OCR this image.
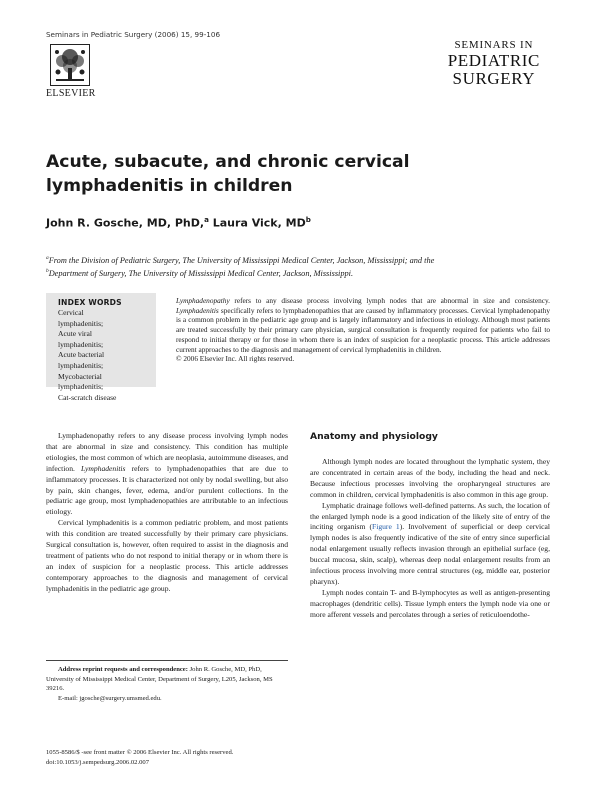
Seminars in Pediatric Surgery (2006) 15, 99-106
ELSEVIER
SEMINARS IN
PEDIATRIC
SURGERY
Acute, subacute, and chronic cervical lymphadenitis in children
John R. Gosche, MD, PhD,$^a$ Laura Vick, $MD^b$
$^a$From the Division of Pediatric Surgery, The University of Mississippi Medical Center, Jackson, Mississippi; and the
$^b$Department of Surgery, The University of Mississippi Medical Center, Jackson, Mississippi.
INDEX WORDS
Cervical
lymphadenitis;
Acute viral
lymphadenitis;
Acute bacterial
lymphadenitis;
Mycobacterial
lymphadenitis;
Cat-scratch disease
Lymphadenopathy refers to any disease process involving lymph nodes that are abnormal in size and consistency. Lymphadenitis specifically refers to lymphadenopathies that are caused by inflammatory processes. Cervical lymphadenopathy is a common problem in the pediatric age group and is largely inflammatory and infectious in etiology. Although most patients are treated successfully by their primary care physician, surgical consultation is frequently required for patients who fail to respond to initial therapy or for those in whom there is an index of suspicion for a neoplastic process. This article addresses current approaches to the diagnosis and management of cervical lymphadenitis in children.
© 2006 Elsevier Inc. All rights reserved.

Lymphadenopathy refers to any disease process involving lymph nodes that are abnormal in size and consistency. This condition has multiple etiologies, the most common of which are neoplasia, autoimmune diseases, and infection. Lymphadenitis refers to lymphadenopathies that are due to inflammatory processes. It is characterized not only by nodal swelling, but also by pain, skin changes, fever, edema, and/or purulent collections. In the pediatric age group, most lymphadenopathies are attributable to an infectious etiology.

Cervical lymphadenitis is a common pediatric problem, and most patients with this condition are treated successfully by their primary care physicians. Surgical consultation is, however, often required to assist in the diagnosis and treatment of patients who do not respond to initial therapy or in whom there is an index of suspicion for a neoplastic process. This article addresses contemporary approaches to the diagnosis and management of cervical lymphadenitis in the pediatric age group.

Address reprint requests and correspondence: John R. Gosche, MD, PhD, University of Mississippi Medical Center, Department of Surgery, L205, Jackson, MS 39216.

E-mail: jgosche@surgery.umsmed.edu.

1055-8586/$ -see front matter © 2006 Elsevier Inc. All rights reserved.
doi:10.1053/j.sempedsurg.2006.02.007
Anatomy and physiology

Although lymph nodes are located throughout the lymphatic system, they are concentrated in certain areas of the body, including the head and neck. Because infectious processes involving the oropharyngeal structures are common in children, cervical lymphadenitis is also common in this age group.

Lymphatic drainage follows well-defined patterns. As such, the location of the enlarged lymph node is a good indication of the likely site of entry of the inciting organism (Figure 1). Involvement of superficial or deep cervical lymph nodes is also frequently indicative of the site of entry since superficial nodal enlargement usually reflects invasion through an epithelial surface (eg, buccal mucosa, skin, scalp), whereas deep nodal enlargement results from an infectious process involving more central structures (eg, middle ear, posterior pharynx).

Lymph nodes contain T- and B-lymphocytes as well as antigen-presenting macrophages (dendritic cells). Tissue lymph enters the lymph node via one or more afferent vessels and percolates through a series of reticuloendothe-
